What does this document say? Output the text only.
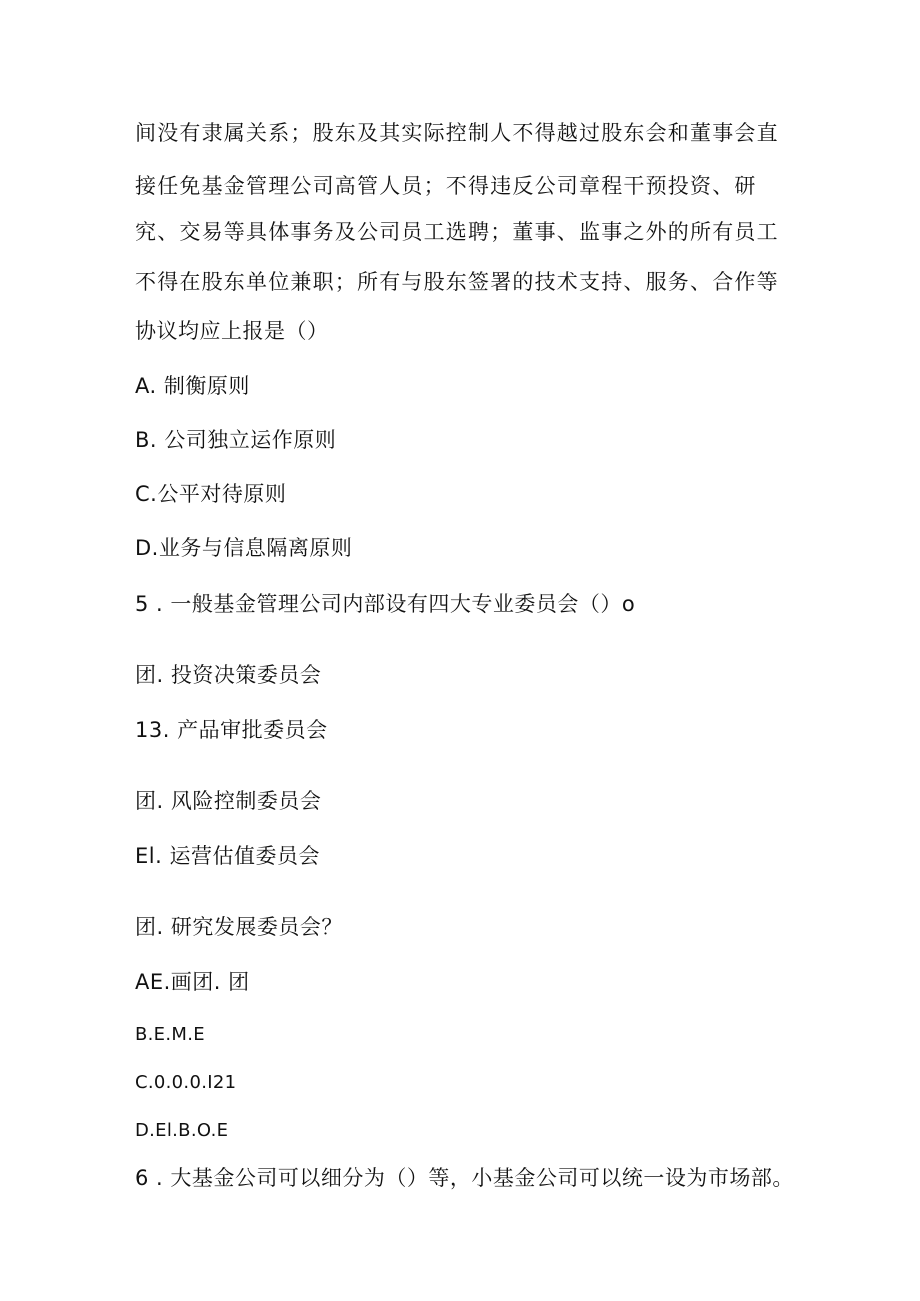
间没有隶属关系；股东及其实际控制人不得越过股东会和董事会直
接任免基金管理公司高管人员；不得违反公司章程干预投资、研
究、交易等具体事务及公司员工选聘；董事、监事之外的所有员工
不得在股东单位兼职；所有与股东签署的技术支持、服务、合作等
协议均应上报是（）
A. 制衡原则
B. 公司独立运作原则
C.公平对待原则
D.业务与信息隔离原则
5 . 一般基金管理公司内部设有四大专业委员会（）o
团. 投资决策委员会
13. 产品审批委员会
团. 风险控制委员会
El. 运营估值委员会
团. 研究发展委员会？
AE.画团. 团
B.E.M.E
C.0.0.0.I21
D.El.B.O.E
6 . 大基金公司可以细分为（）等，小基金公司可以统一设为市场部。
